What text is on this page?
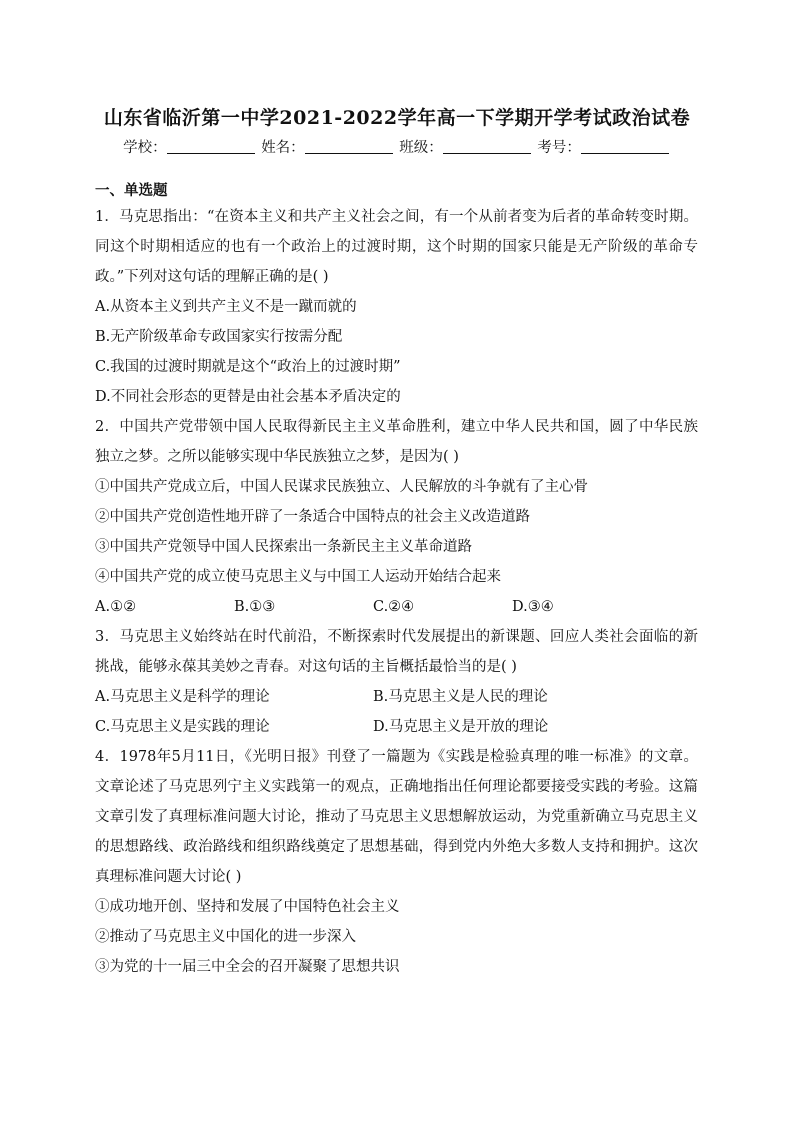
山东省临沂第一中学2021-2022学年高一下学期开学考试政治试卷
学校：	姓名：	班级：	考号：

一、单选题

1．马克思指出：“在资本主义和共产主义社会之间，有一个从前者变为后者的革命转变时期。同这个时期相适应的也有一个政治上的过渡时期，这个时期的国家只能是无产阶级的革命专政。”下列对这句话的理解正确的是( )

A.从资本主义到共产主义不是一蹴而就的

B.无产阶级革命专政国家实行按需分配

C.我国的过渡时期就是这个“政治上的过渡时期”

D.不同社会形态的更替是由社会基本矛盾决定的

2．中国共产党带领中国人民取得新民主主义革命胜利，建立中华人民共和国，圆了中华民族独立之梦。之所以能够实现中华民族独立之梦，是因为( )

①中国共产党成立后，中国人民谋求民族独立、人民解放的斗争就有了主心骨

②中国共产党创造性地开辟了一条适合中国特点的社会主义改造道路

③中国共产党领导中国人民探索出一条新民主主义革命道路

④中国共产党的成立使马克思主义与中国工人运动开始结合起来

A.①②	B.①③	C.②④	D.③④

3．马克思主义始终站在时代前沿，不断探索时代发展提出的新课题、回应人类社会面临的新挑战，能够永葆其美妙之青春。对这句话的主旨概括最恰当的是( )

A.马克思主义是科学的理论	B.马克思主义是人民的理论
C.马克思主义是实践的理论	D.马克思主义是开放的理论

4．1978年5月11日，《光明日报》刊登了一篇题为《实践是检验真理的唯一标准》的文章。文章论述了马克思列宁主义实践第一的观点，正确地指出任何理论都要接受实践的考验。这篇文章引发了真理标准问题大讨论，推动了马克思主义思想解放运动，为党重新确立马克思主义的思想路线、政治路线和组织路线奠定了思想基础，得到党内外绝大多数人支持和拥护。这次真理标准问题大讨论( )

①成功地开创、坚持和发展了中国特色社会主义

②推动了马克思主义中国化的进一步深入

③为党的十一届三中全会的召开凝聚了思想共识
